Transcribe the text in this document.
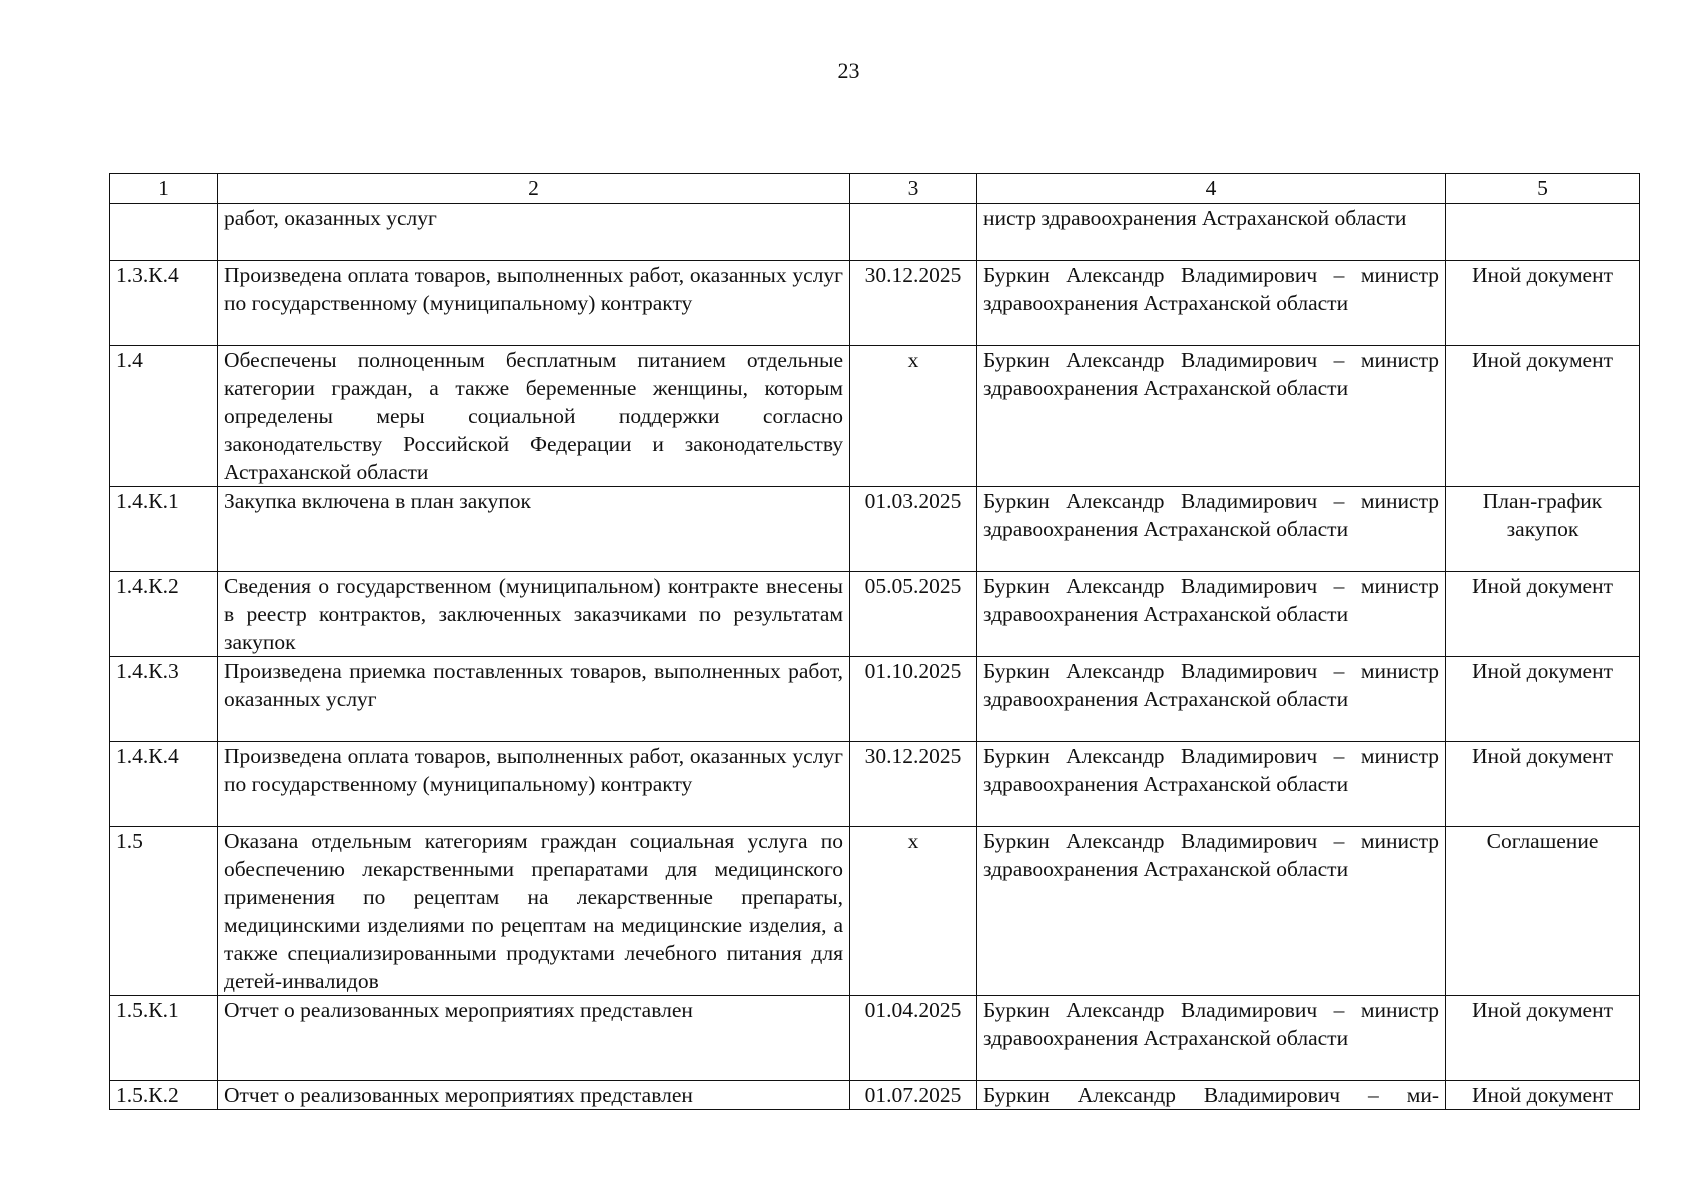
23
1	2	3	4	5
	работ, оказанных услуг		нистр здравоохранения Астраханской области	
1.3.К.4	Произведена оплата товаров, выполненных работ, оказанных услуг по государственному (муниципальному) контракту	30.12.2025	Буркин Александр Владимирович – министр здравоохранения Астраханской области	Иной документ
1.4	Обеспечены полноценным бесплатным питанием отдельные категории граждан, а также беременные женщины, которым определены меры социальной поддержки согласно законодательству Российской Федерации и законодательству Астраханской области	х	Буркин Александр Владимирович – министр здравоохранения Астраханской области	Иной документ
1.4.К.1	Закупка включена в план закупок	01.03.2025	Буркин Александр Владимирович – министр здравоохранения Астраханской области	План-график закупок
1.4.К.2	Сведения о государственном (муниципальном) контракте внесены в реестр контрактов, заключенных заказчиками по результатам закупок	05.05.2025	Буркин Александр Владимирович – министр здравоохранения Астраханской области	Иной документ
1.4.К.3	Произведена приемка поставленных товаров, выполненных работ, оказанных услуг	01.10.2025	Буркин Александр Владимирович – министр здравоохранения Астраханской области	Иной документ
1.4.К.4	Произведена оплата товаров, выполненных работ, оказанных услуг по государственному (муниципальному) контракту	30.12.2025	Буркин Александр Владимирович – министр здравоохранения Астраханской области	Иной документ
1.5	Оказана отдельным категориям граждан социальная услуга по обеспечению лекарственными препаратами для медицинского применения по рецептам на лекарственные препараты, медицинскими изделиями по рецептам на медицинские изделия, а также специализированными продуктами лечебного питания для детей-инвалидов	х	Буркин Александр Владимирович – министр здравоохранения Астраханской области	Соглашение
1.5.К.1	Отчет о реализованных мероприятиях представлен	01.04.2025	Буркин Александр Владимирович – министр здравоохранения Астраханской области	Иной документ
1.5.К.2	Отчет о реализованных мероприятиях представлен	01.07.2025	Буркин Александр Владимирович – ми-	Иной документ
